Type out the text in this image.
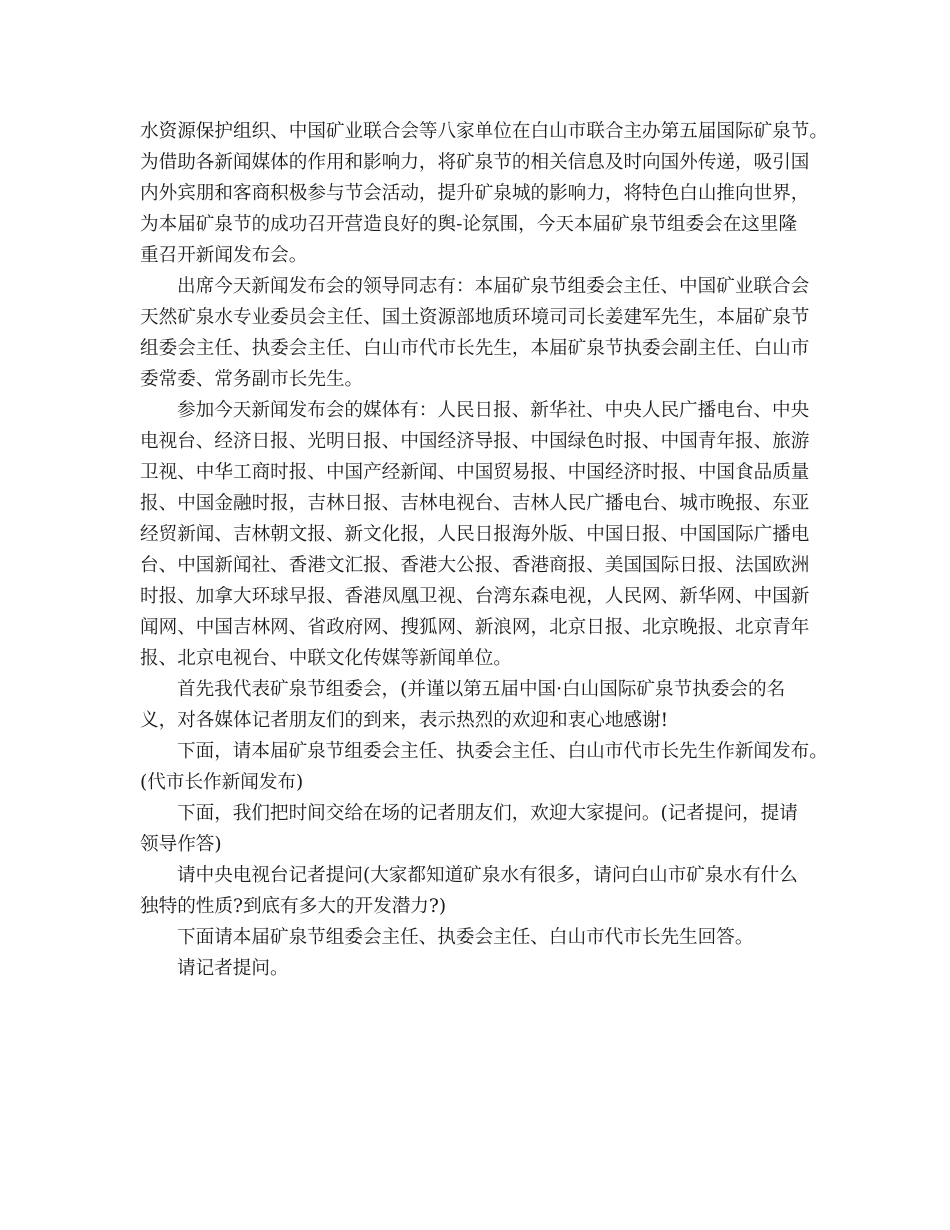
水资源保护组织、中国矿业联合会等八家单位在白山市联合主办第五届国际矿泉节。
为借助各新闻媒体的作用和影响力，将矿泉节的相关信息及时向国外传递，吸引国
内外宾朋和客商积极参与节会活动，提升矿泉城的影响力，将特色白山推向世界，
为本届矿泉节的成功召开营造良好的舆-论氛围，今天本届矿泉节组委会在这里隆
重召开新闻发布会。
出席今天新闻发布会的领导同志有：本届矿泉节组委会主任、中国矿业联合会
天然矿泉水专业委员会主任、国土资源部地质环境司司长姜建军先生，本届矿泉节
组委会主任、执委会主任、白山市代市长先生，本届矿泉节执委会副主任、白山市
委常委、常务副市长先生。
参加今天新闻发布会的媒体有：人民日报、新华社、中央人民广播电台、中央
电视台、经济日报、光明日报、中国经济导报、中国绿色时报、中国青年报、旅游
卫视、中华工商时报、中国产经新闻、中国贸易报、中国经济时报、中国食品质量
报、中国金融时报，吉林日报、吉林电视台、吉林人民广播电台、城市晚报、东亚
经贸新闻、吉林朝文报、新文化报，人民日报海外版、中国日报、中国国际广播电
台、中国新闻社、香港文汇报、香港大公报、香港商报、美国国际日报、法国欧洲
时报、加拿大环球早报、香港凤凰卫视、台湾东森电视，人民网、新华网、中国新
闻网、中国吉林网、省政府网、搜狐网、新浪网，北京日报、北京晚报、北京青年
报、北京电视台、中联文化传媒等新闻单位。
首先我代表矿泉节组委会，(并谨以第五届中国·白山国际矿泉节执委会的名
义，对各媒体记者朋友们的到来，表示热烈的欢迎和衷心地感谢!
下面，请本届矿泉节组委会主任、执委会主任、白山市代市长先生作新闻发布。
(代市长作新闻发布)
下面，我们把时间交给在场的记者朋友们，欢迎大家提问。(记者提问，提请
领导作答)
请中央电视台记者提问(大家都知道矿泉水有很多，请问白山市矿泉水有什么
独特的性质?到底有多大的开发潜力?)
下面请本届矿泉节组委会主任、执委会主任、白山市代市长先生回答。
请记者提问。
